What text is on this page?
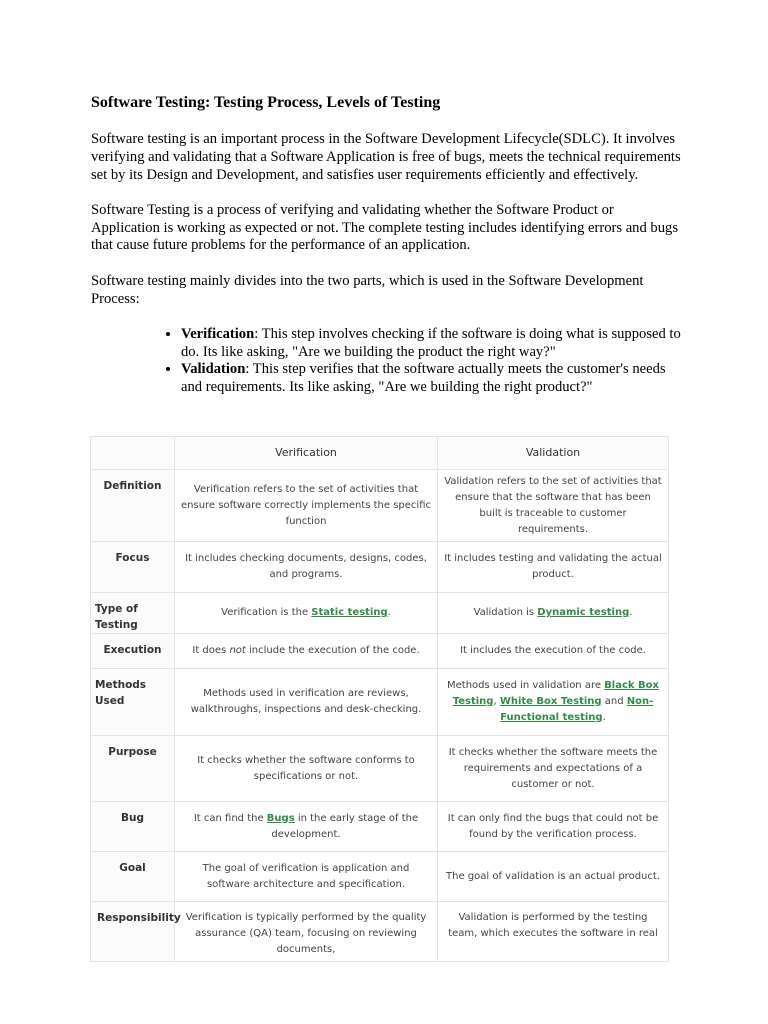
Software Testing: Testing Process, Levels of Testing

Software testing is an important process in the Software Development Lifecycle(SDLC). It involves verifying and validating that a Software Application is free of bugs, meets the technical requirements set by its Design and Development, and satisfies user requirements efficiently and effectively.

Software Testing is a process of verifying and validating whether the Software Product or Application is working as expected or not. The complete testing includes identifying errors and bugs that cause future problems for the performance of an application.

Software testing mainly divides into the two parts, which is used in the Software Development Process:

• Verification: This step involves checking if the software is doing what is supposed to do. Its like asking, "Are we building the product the right way?"
• Validation: This step verifies that the software actually meets the customer's needs and requirements. Its like asking, "Are we building the right product?"
	Verification	Validation
Definition	Verification refers to the set of activities that ensure software correctly implements the specific function	Validation refers to the set of activities that ensure that the software that has been built is traceable to customer requirements.
Focus	It includes checking documents, designs, codes, and programs.	It includes testing and validating the actual product.
Type of Testing	Verification is the Static testing.	Validation is Dynamic testing.
Execution	It does not include the execution of the code.	It includes the execution of the code.
Methods Used	Methods used in verification are reviews, walkthroughs, inspections and desk-checking.	Methods used in validation are Black Box Testing, White Box Testing and Non-Functional testing.
Purpose	It checks whether the software conforms to specifications or not.	It checks whether the software meets the requirements and expectations of a customer or not.
Bug	It can find the Bugs in the early stage of the development.	It can only find the bugs that could not be found by the verification process.
Goal	The goal of verification is application and software architecture and specification.	The goal of validation is an actual product.
Responsibility	Verification is typically performed by the quality assurance (QA) team, focusing on reviewing documents,	Validation is performed by the testing team, which executes the software in real
